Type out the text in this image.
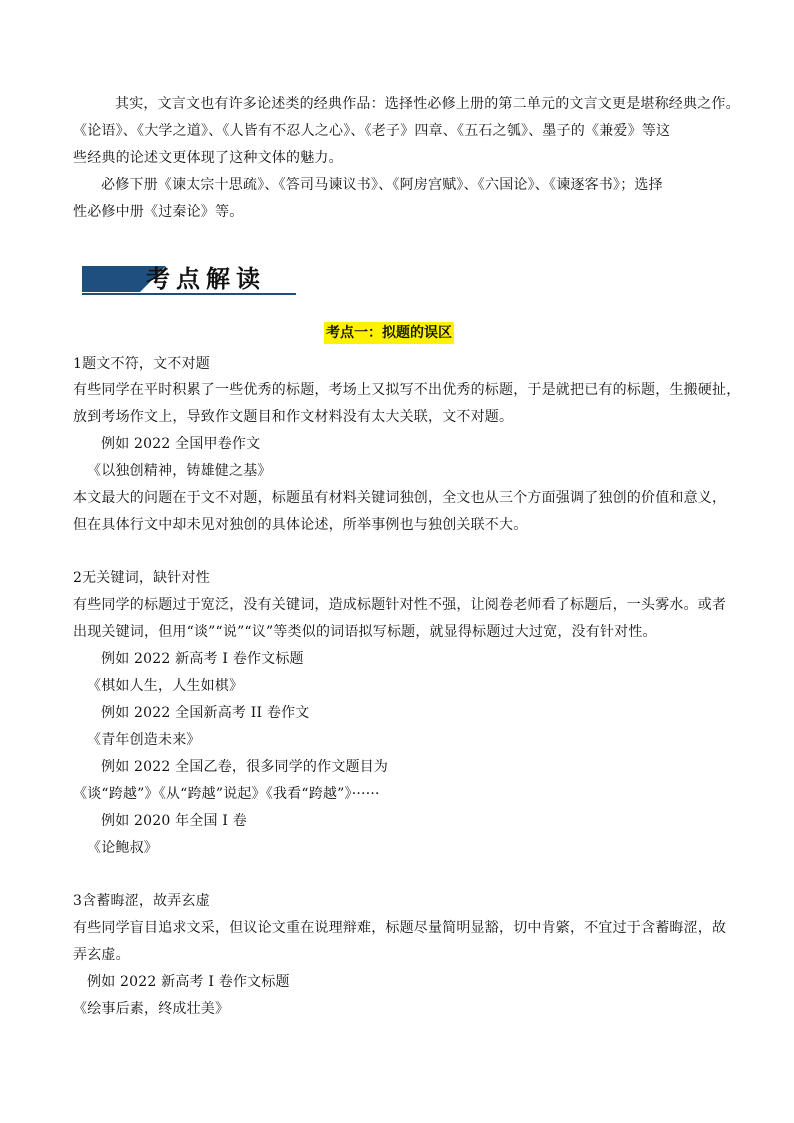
其实，文言文也有许多论述类的经典作品：选择性必修上册的第二单元的文言文更是堪称经典之作。
《论语》、《大学之道》、《人皆有不忍人之心》、《老子》四章、《五石之瓠》、墨子的《兼爱》等这
些经典的论述文更体现了这种文体的魅力。
必修下册《谏太宗十思疏》、《答司马谏议书》、《阿房宫赋》、《六国论》、《谏逐客书》；选择
性必修中册《过秦论》等。
考点解读
考点一：拟题的误区
1题文不符，文不对题
有些同学在平时积累了一些优秀的标题，考场上又拟写不出优秀的标题，于是就把已有的标题，生搬硬扯，
放到考场作文上，导致作文题目和作文材料没有太大关联，文不对题。
例如 2022 全国甲卷作文
《以独创精神，铸雄健之基》
本文最大的问题在于文不对题，标题虽有材料关键词独创，全文也从三个方面强调了独创的价值和意义，
但在具体行文中却未见对独创的具体论述，所举事例也与独创关联不大。
2无关键词，缺针对性
有些同学的标题过于宽泛，没有关键词，造成标题针对性不强，让阅卷老师看了标题后，一头雾水。或者
出现关键词，但用“谈”“说”“议”等类似的词语拟写标题，就显得标题过大过宽，没有针对性。
例如 2022 新高考 I 卷作文标题
《棋如人生，人生如棋》
例如 2022 全国新高考 II 卷作文
《青年创造未来》
例如 2022 全国乙卷，很多同学的作文题目为
《谈“跨越”》《从“跨越”说起》《我看“跨越”》······
例如 2020 年全国 I 卷
《论鲍叔》
3含蓄晦涩，故弄玄虚
有些同学盲目追求文采，但议论文重在说理辩难，标题尽量简明显豁，切中肯綮，不宜过于含蓄晦涩，故
弄玄虚。
例如 2022 新高考 I 卷作文标题
《绘事后素，终成壮美》
